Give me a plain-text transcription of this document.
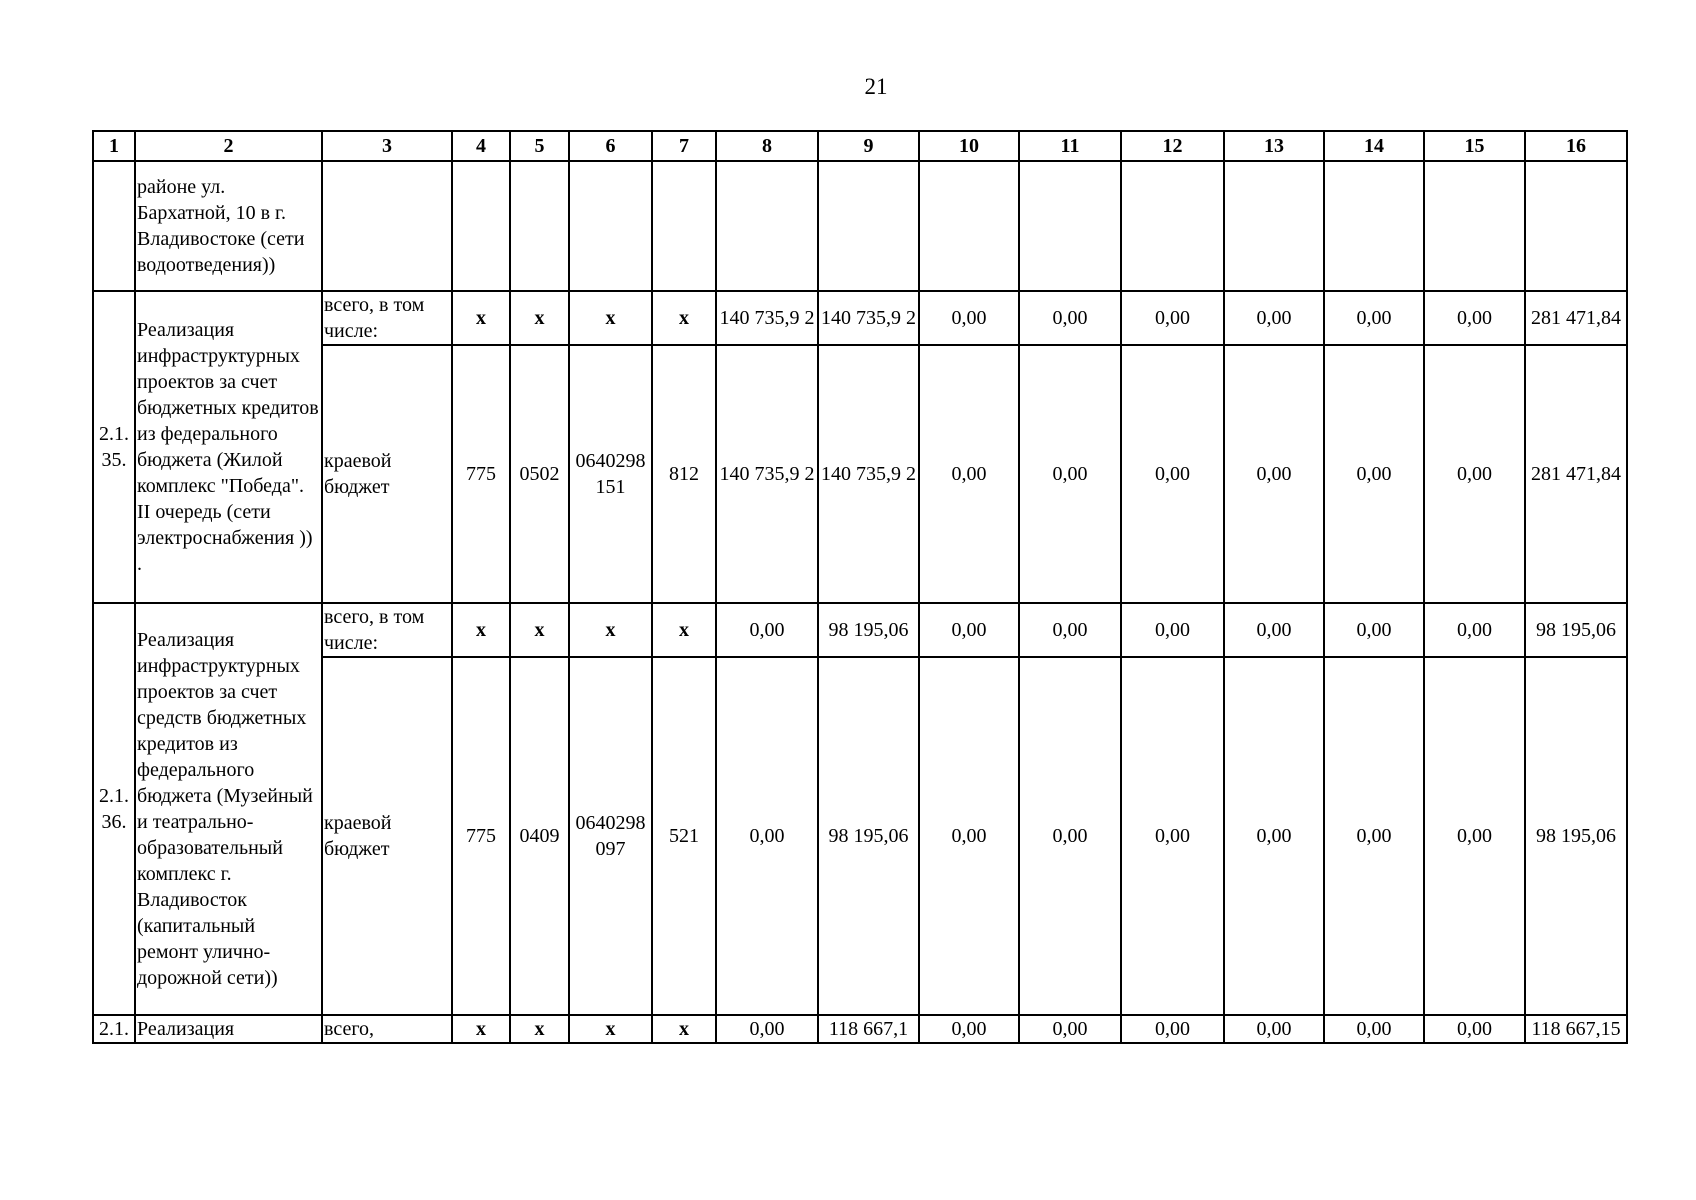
21
1	2	3	4	5	6	7	8	9	10	11	12	13	14	15	16
	районе ул. Бархатной, 10 в г. Владивостоке (сети водоотведения))														
2.1. 35.	Реализация инфраструктурных проектов за счет бюджетных кредитов из федерального бюджета (Жилой комплекс "Победа". II очередь (сети электроснабжения )) .	всего, в том числе:	x	x	x	x	140 735,9 2	140 735,9 2	0,00	0,00	0,00	0,00	0,00	0,00	281 471,84
		краевой бюджет	775	0502	0640298 151	812	140 735,9 2	140 735,9 2	0,00	0,00	0,00	0,00	0,00	0,00	281 471,84
2.1. 36.	Реализация инфраструктурных проектов за счет средств бюджетных кредитов из федерального бюджета (Музейный и театрально-образовательный комплекс г. Владивосток (капитальный ремонт улично-дорожной сети))	всего, в том числе:	x	x	x	x	0,00	98 195,06	0,00	0,00	0,00	0,00	0,00	0,00	98 195,06
		краевой бюджет	775	0409	0640298 097	521	0,00	98 195,06	0,00	0,00	0,00	0,00	0,00	0,00	98 195,06
2.1.	Реализация	всего,	x	x	x	x	0,00	118 667,1	0,00	0,00	0,00	0,00	0,00	0,00	118 667,15
